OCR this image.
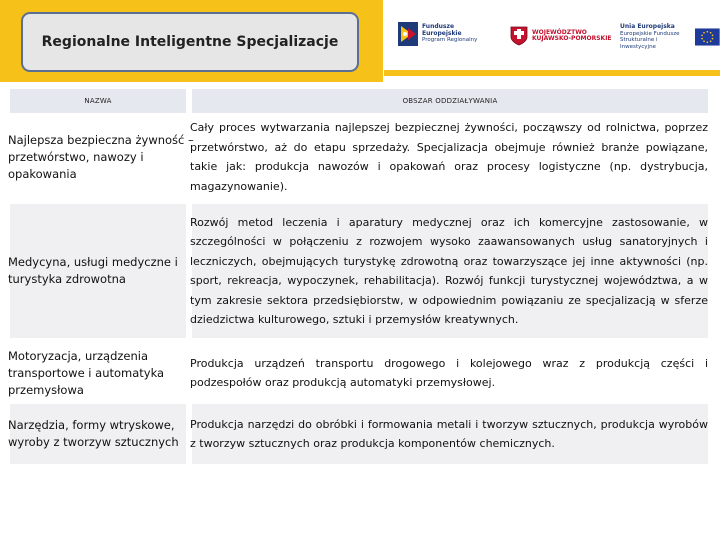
Regionalne Inteligentne Specjalizacje
Fundusze
Europejskie
Program Regionalny
WOJEWÓDZTWO
KUJAWSKO-POMORSKIE
Unia Europejska
Europejskie Fundusze
Strukturalne i Inwestycyjne
NAZWA	OBSZAR ODDZIAŁYWANIA
Najlepsza bezpieczna żywność – przetwórstwo, nawozy i opakowania
Cały proces wytwarzania najlepszej bezpiecznej żywności, począwszy od rolnictwa, poprzez przetwórstwo, aż do etapu sprzedaży. Specjalizacja obejmuje również branże powiązane, takie jak: produkcja nawozów i opakowań oraz procesy logistyczne (np. dystrybucja, magazynowanie).
Medycyna, usługi medyczne i turystyka zdrowotna
Rozwój metod leczenia i aparatury medycznej oraz ich komercyjne zastosowanie, w szczególności w połączeniu z rozwojem wysoko zaawansowanych usług sanatoryjnych i leczniczych, obejmujących turystykę zdrowotną oraz towarzyszące jej inne aktywności (np. sport, rekreacja, wypoczynek, rehabilitacja). Rozwój funkcji turystycznej województwa, a w tym zakresie sektora przedsiębiorstw, w odpowiednim powiązaniu ze specjalizacją w sferze dziedzictwa kulturowego, sztuki i przemysłów kreatywnych.
Motoryzacja, urządzenia transportowe i automatyka przemysłowa
Produkcja urządzeń transportu drogowego i kolejowego wraz z produkcją części i podzespołów oraz produkcją automatyki przemysłowej.
Narzędzia, formy wtryskowe, wyroby z tworzyw sztucznych
Produkcja narzędzi do obróbki i formowania metali i tworzyw sztucznych, produkcja wyrobów z tworzyw sztucznych oraz produkcja komponentów chemicznych.
